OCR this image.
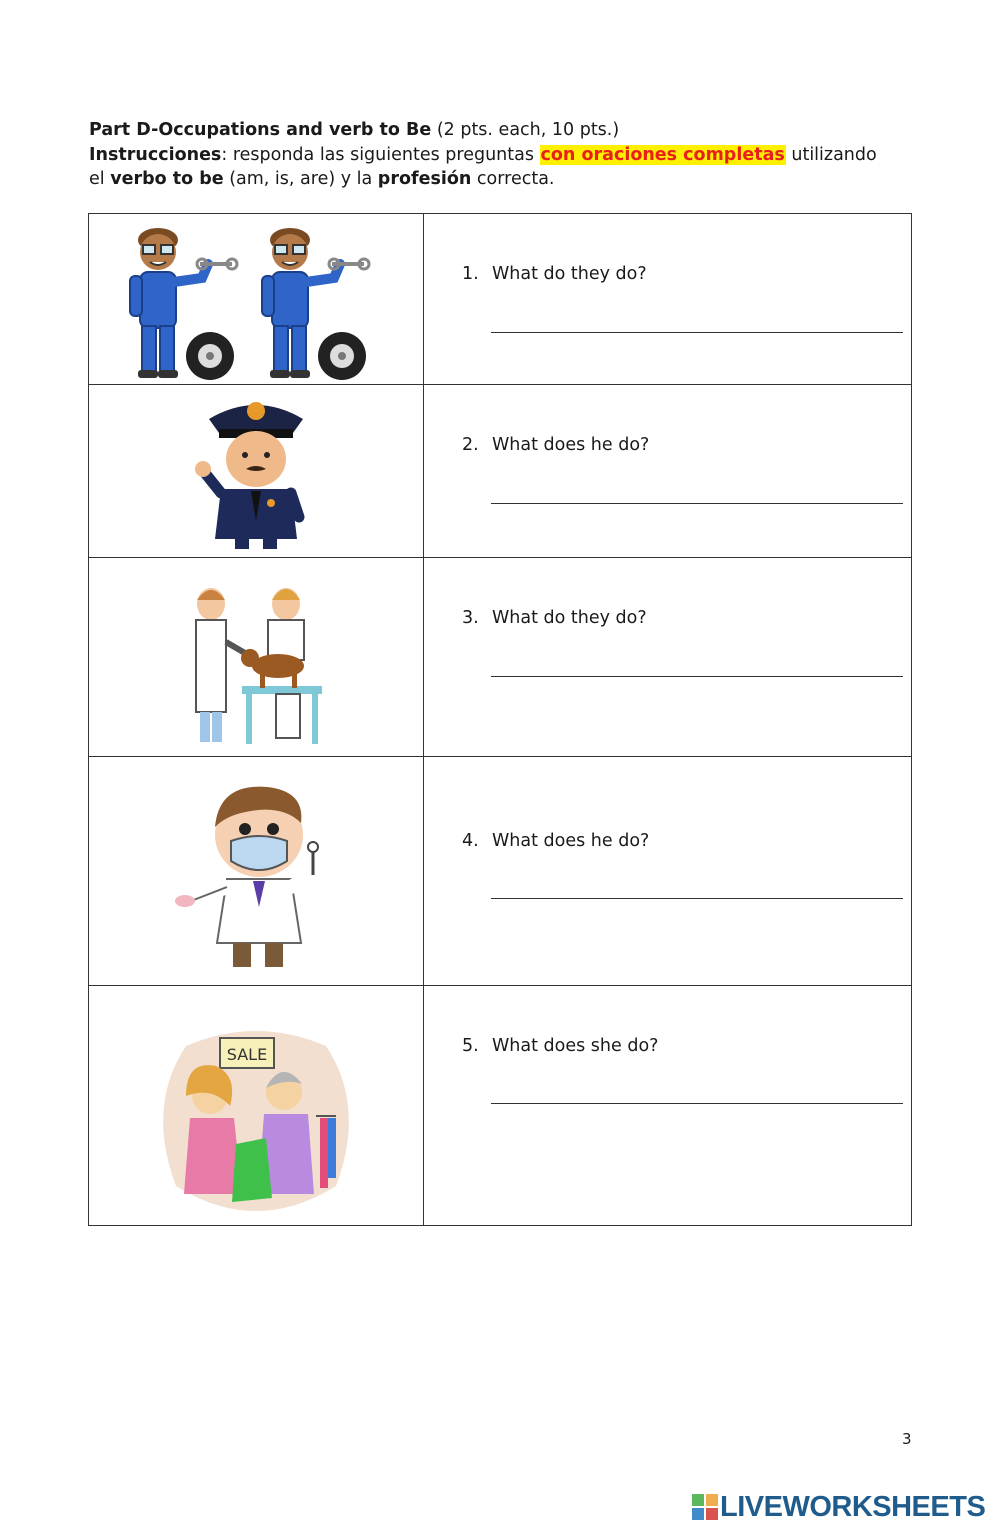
Part D-Occupations and verb to Be (2 pts. each, 10 pts.)
Instrucciones: responda las siguientes preguntas con oraciones completas utilizando
el verbo to be (am, is, are) y la profesión correcta.

1. What do they do?

2. What does he do?

3. What do they do?

4. What does he do?

SALE	5. What does she do?
3
LIVEWORKSHEETS
